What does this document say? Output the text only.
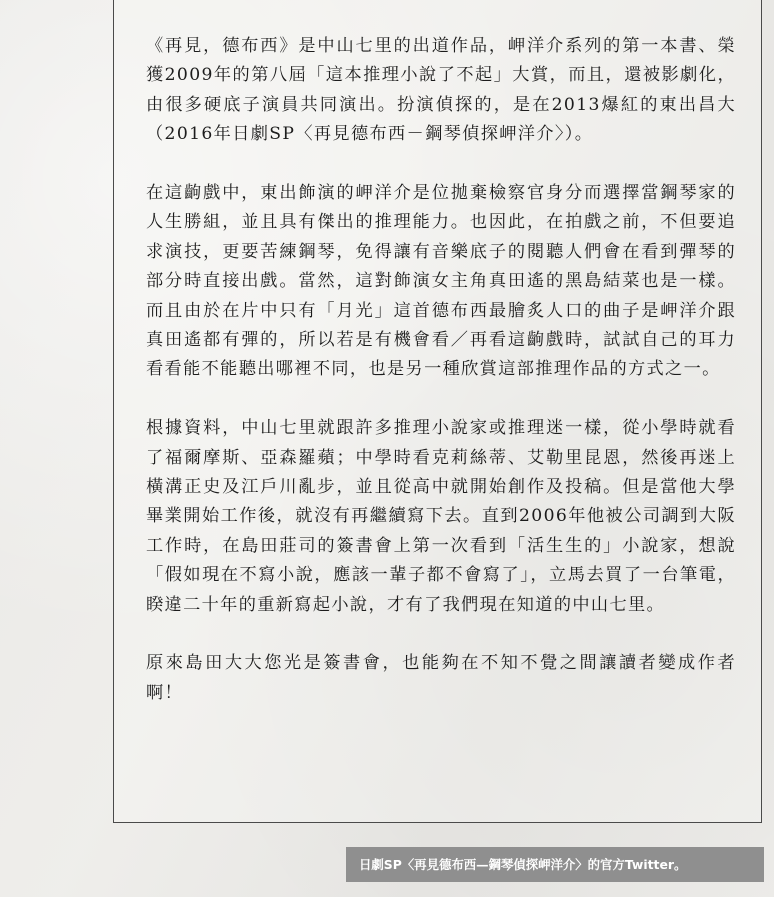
《再見，德布西》是中山七里的出道作品，岬洋介系列的第一本書、榮獲2009年的第八屆「這本推理小說了不起」大賞，而且，還被影劇化，由很多硬底子演員共同演出。扮演偵探的，是在2013爆紅的東出昌大（2016年日劇SP〈再見德布西－鋼琴偵探岬洋介〉）。

在這齣戲中，東出飾演的岬洋介是位拋棄檢察官身分而選擇當鋼琴家的人生勝組，並且具有傑出的推理能力。也因此，在拍戲之前，不但要追求演技，更要苦練鋼琴，免得讓有音樂底子的閱聽人們會在看到彈琴的部分時直接出戲。當然，這對飾演女主角真田遙的黑島結菜也是一樣。而且由於在片中只有「月光」這首德布西最膾炙人口的曲子是岬洋介跟真田遙都有彈的，所以若是有機會看／再看這齣戲時，試試自己的耳力看看能不能聽出哪裡不同，也是另一種欣賞這部推理作品的方式之一。

根據資料，中山七里就跟許多推理小說家或推理迷一樣，從小學時就看了福爾摩斯、亞森羅蘋；中學時看克莉絲蒂、艾勒里昆恩，然後再迷上橫溝正史及江戶川亂步，並且從高中就開始創作及投稿。但是當他大學畢業開始工作後，就沒有再繼續寫下去。直到2006年他被公司調到大阪工作時，在島田莊司的簽書會上第一次看到「活生生的」小說家，想說「假如現在不寫小說，應該一輩子都不會寫了」，立馬去買了一台筆電，睽違二十年的重新寫起小說，才有了我們現在知道的中山七里。

原來島田大大您光是簽書會，也能夠在不知不覺之間讓讀者變成作者啊！

日劇SP〈再見德布西—鋼琴偵探岬洋介〉的官方Twitter。
